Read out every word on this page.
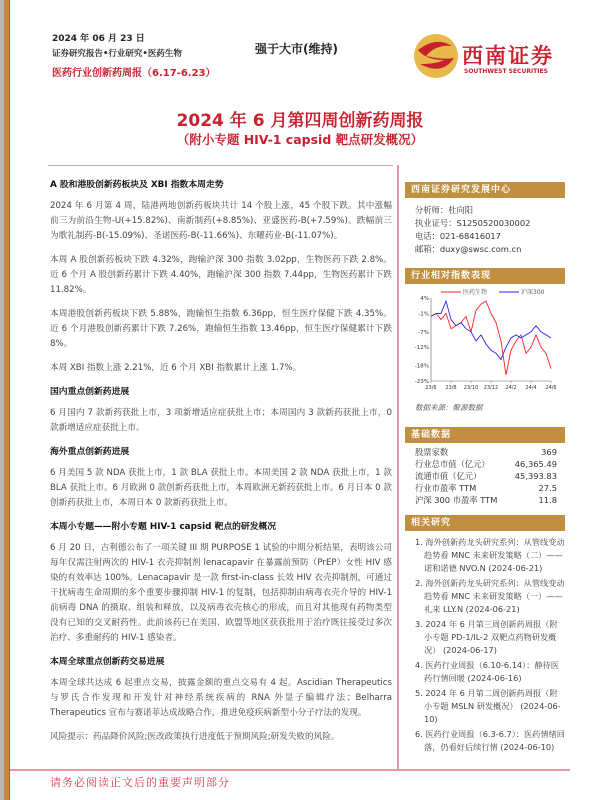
2024 年 06 月 23 日
证券研究报告•行业研究•医药生物
医药行业创新药周报（6.17-6.23）
强于大市(维持)	西南证券
SOUTHWEST SECURITIES
2024 年 6 月第四周创新药周报
（附小专题 HIV-1 capsid 靶点研发概况）
A 股和港股创新药板块及 XBI 指数本周走势

2024 年 6 月第 4 周，陆港两地创新药板块共计 14 个股上涨，45 个股下跌。其中涨幅前三为前沿生物-U(+15.82%)、南新制药(+8.85%)、亚盛医药-B(+7.59%)。跌幅前三为歌礼制药-B(-15.09%)、圣诺医药-B(-11.66%)、东曜药业-B(-11.07%)。

本周 A 股创新药板块下跌 4.32%，跑输沪深 300 指数 3.02pp，生物医药下跌 2.8%。近 6 个月 A 股创新药累计下跌 4.40%，跑输沪深 300 指数 7.44pp，生物医药累计下跌 11.82%。

本周港股创新药板块下跌 5.88%，跑输恒生指数 6.36pp，恒生医疗保健下跌 4.35%。近 6 个月港股创新药累计下跌 7.26%，跑输恒生指数 13.46pp，恒生医疗保健累计下跌 8%。

本周 XBI 指数上涨 2.21%，近 6 个月 XBI 指数累计上涨 1.7%。

国内重点创新药进展

6 月国内 7 款新药获批上市，3 项新增适应症获批上市；本周国内 3 款新药获批上市，0 款新增适应症获批上市。

海外重点创新药进展

6 月美国 5 款 NDA 获批上市，1 款 BLA 获批上市。本周美国 2 款 NDA 获批上市，1 款 BLA 获批上市。6 月欧洲 0 款创新药获批上市，本周欧洲无新药获批上市。6 月日本 0 款创新药获批上市，本周日本 0 款新药获批上市。

本周小专题——附小专题 HIV-1 capsid 靶点的研发概况

6 月 20 日，吉利德公布了一项关键 III 期 PURPOSE 1 试验的中期分析结果，表明该公司每年仅需注射两次的 HIV-1 衣壳抑制剂 lenacapavir 在暴露前预防（PrEP）女性 HIV 感染的有效率达 100%。Lenacapavir 是一款 first-in-class 长效 HIV 衣壳抑制剂，可通过干扰病毒生命周期的多个重要步骤抑制 HIV-1 的复制，包括抑制由病毒衣壳介导的 HIV-1 前病毒 DNA 的摄取、组装和释放，以及病毒衣壳核心的形成，而且对其他现有药物类型没有已知的交叉耐药性。此前该药已在美国、欧盟等地区获获批用于治疗既往接受过多次治疗、多重耐药的 HIV-1 感染者。

本周全球重点创新药交易进展

本周全球共达成 6 起重点交易，披露金额的重点交易有 4 起。Ascidian Therapeutics 与罗氏合作发现和开发针对神经系统疾病的 RNA 外显子编辑疗法；Belharra Therapeutics 宣布与赛诺菲达成战略合作，推进免疫疾病新型小分子疗法的发现。

风险提示：药品降价风险;医改政策执行进度低于预期风险;研发失败的风险。

请务必阅读正文后的重要声明部分
西南证券研究发展中心
分析师：杜向阳
执业证号：S1250520030002
电话：021-68416017
邮箱：duxy@swsc.com.cn
行业相对指数表现
4%
-1%
-7%
-12%
-18%
-23%
23/6 23/8 23/10 23/12 24/2 24/4 24/6
医药生物	沪深300
数据来源：聚源数据
基础数据
股票家数	369
行业总市值（亿元）	46,365.49
流通市值（亿元）	45,393.83
行业市盈率 TTM	27.5
沪深 300 市盈率 TTM	11.8
相关研究
1. 海外创新药龙头研究系列：从管线变动趋势看 MNC 未来研发策略（二）——诺和诺德 NVO.N (2024-06-21)
2. 海外创新药龙头研究系列：从管线变动趋势看 MNC 未来研发策略（一）——礼来 LLY.N (2024-06-21)
3. 2024 年 6 月第三周创新药周报（附小专题 PD-1/IL-2 双靶点药物研发概况） (2024-06-17)
4. 医药行业周报（6.10-6.14）：静待医药行情回暖 (2024-06-16)
5. 2024 年 6 月第二周创新药周报（附小专题 MSLN 研发概况） (2024-06-10)
6. 医药行业周报（6.3-6.7）：医药情绪回落，仍看好后续行情 (2024-06-10)
